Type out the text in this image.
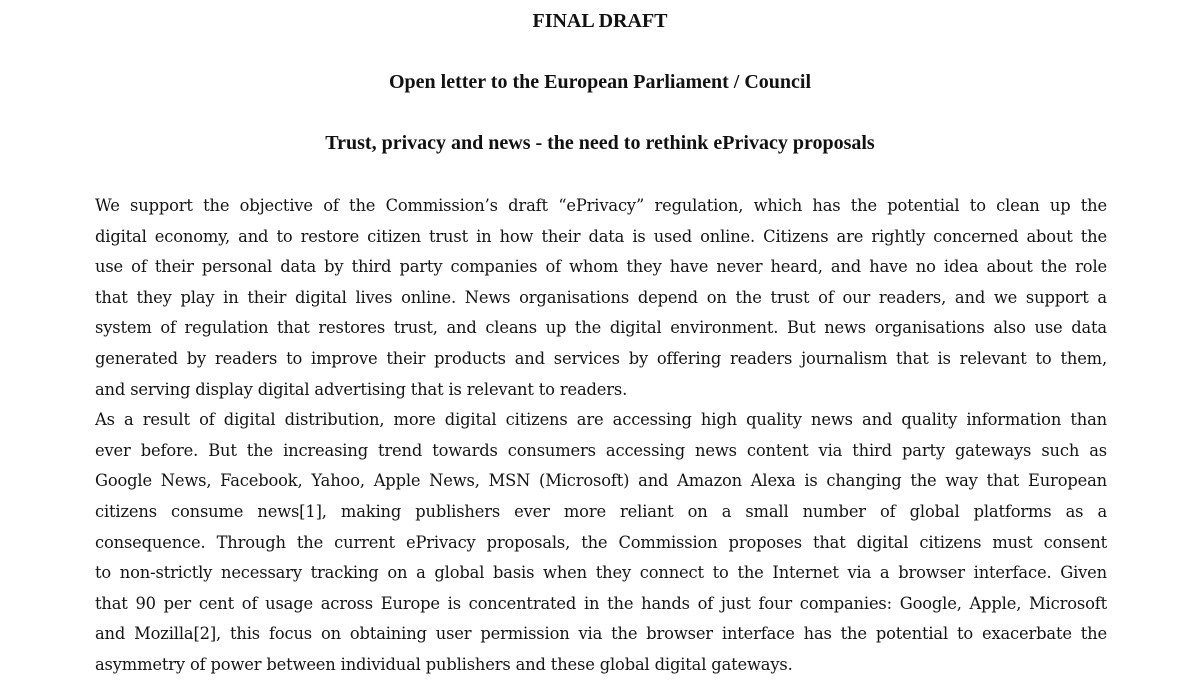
FINAL DRAFT
Open letter to the European Parliament / Council
Trust, privacy and news - the need to rethink ePrivacy proposals

We support the objective of the Commission’s draft “ePrivacy” regulation, which has the potential to clean up the
digital economy, and to restore citizen trust in how their data is used online. Citizens are rightly concerned about the
use of their personal data by third party companies of whom they have never heard, and have no idea about the role
that they play in their digital lives online. News organisations depend on the trust of our readers, and we support a
system of regulation that restores trust, and cleans up the digital environment. But news organisations also use data
generated by readers to improve their products and services by offering readers journalism that is relevant to them,
and serving display digital advertising that is relevant to readers.

As a result of digital distribution, more digital citizens are accessing high quality news and quality information than
ever before. But the increasing trend towards consumers accessing news content via third party gateways such as
Google News, Facebook, Yahoo, Apple News, MSN (Microsoft) and Amazon Alexa is changing the way that European
citizens consume news[1], making publishers ever more reliant on a small number of global platforms as a
consequence. Through the current ePrivacy proposals, the Commission proposes that digital citizens must consent
to non-strictly necessary tracking on a global basis when they connect to the Internet via a browser interface. Given
that 90 per cent of usage across Europe is concentrated in the hands of just four companies: Google, Apple, Microsoft
and Mozilla[2], this focus on obtaining user permission via the browser interface has the potential to exacerbate the
asymmetry of power between individual publishers and these global digital gateways.
